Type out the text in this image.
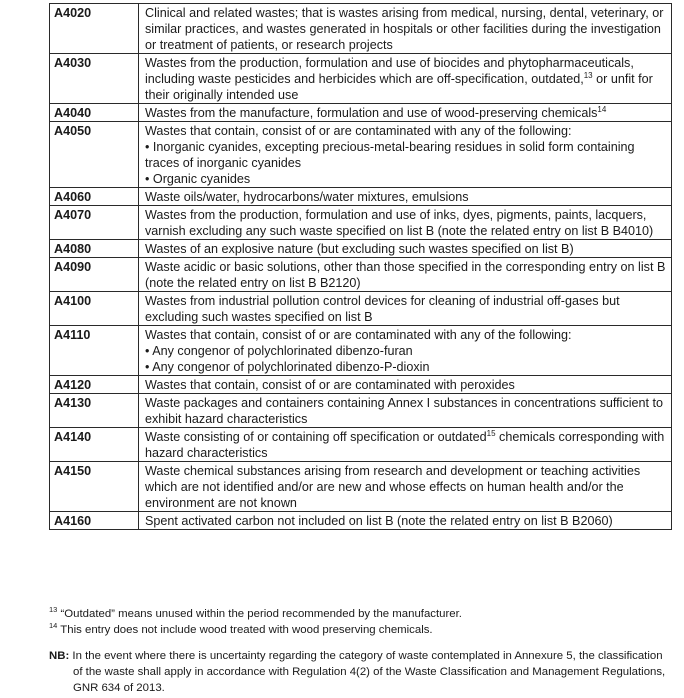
A4020	Clinical and related wastes; that is wastes arising from medical, nursing, dental, veterinary, or
similar practices, and wastes generated in hospitals or other facilities during the investigation
or treatment of patients, or research projects

A4030	Wastes from the production, formulation and use of biocides and phytopharmaceuticals,
including waste pesticides and herbicides which are off-specification, outdated,$^{13}$ or unfit for
their originally intended use

A4040	Wastes from the manufacture, formulation and use of wood-preserving chemicals$^{14}$

A4050	Wastes that contain, consist of or are contaminated with any of the following:
• Inorganic cyanides, excepting precious-metal-bearing residues in solid form containing
traces of inorganic cyanides
• Organic cyanides

A4060	Waste oils/water, hydrocarbons/water mixtures, emulsions

A4070	Wastes from the production, formulation and use of inks, dyes, pigments, paints, lacquers,
varnish excluding any such waste specified on list B (note the related entry on list B B4010)

A4080	Wastes of an explosive nature (but excluding such wastes specified on list B)

A4090	Waste acidic or basic solutions, other than those specified in the corresponding entry on list B
(note the related entry on list B B2120)

A4100	Wastes from industrial pollution control devices for cleaning of industrial off-gases but
excluding such wastes specified on list B

A4110	Wastes that contain, consist of or are contaminated with any of the following:
• Any congenor of polychlorinated dibenzo-furan
• Any congenor of polychlorinated dibenzo-P-dioxin

A4120	Wastes that contain, consist of or are contaminated with peroxides

A4130	Waste packages and containers containing Annex I substances in concentrations sufficient to
exhibit hazard characteristics

A4140	Waste consisting of or containing off specification or outdated$^{15}$ chemicals corresponding with
hazard characteristics

A4150	Waste chemical substances arising from research and development or teaching activities
which are not identified and/or are new and whose effects on human health and/or the
environment are not known

A4160	Spent activated carbon not included on list B (note the related entry on list B B2060)
$^{13}$ “Outdated” means unused within the period recommended by the manufacturer.
$^{14}$ This entry does not include wood treated with wood preserving chemicals.
NB: In the event where there is uncertainty regarding the category of waste contemplated in Annexure 5, the classification
of the waste shall apply in accordance with Regulation 4(2) of the Waste Classification and Management Regulations,
GNR 634 of 2013.
